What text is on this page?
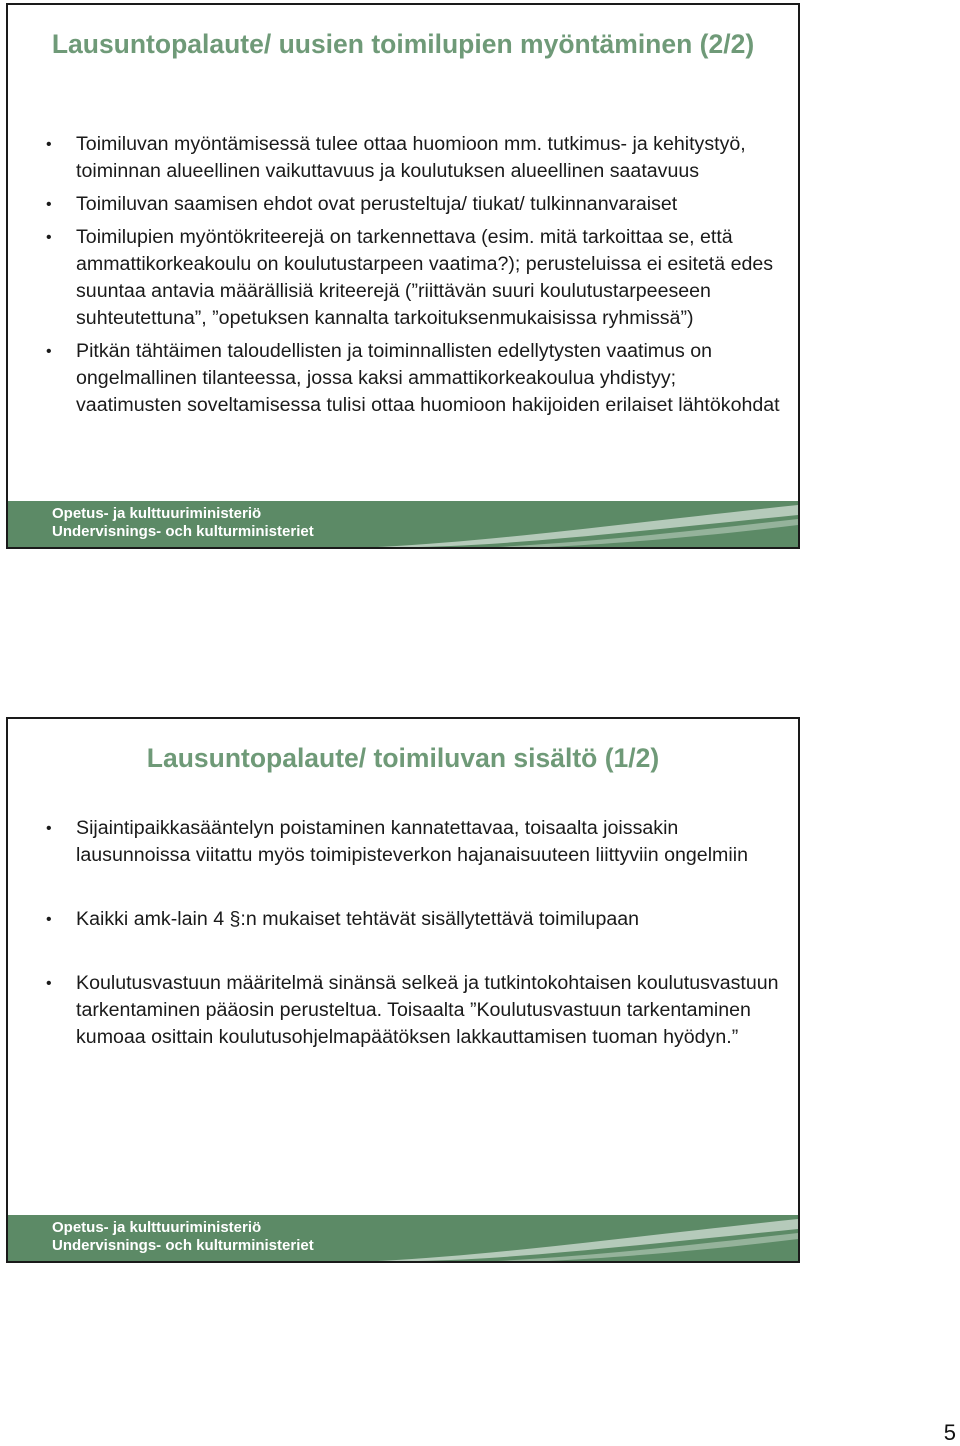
Lausuntopalaute/ uusien toimilupien myöntäminen (2/2)
•	Toimiluvan myöntämisessä tulee ottaa huomioon mm. tutkimus- ja kehitystyö, toiminnan alueellinen vaikuttavuus ja koulutuksen alueellinen saatavuus
•	Toimiluvan saamisen ehdot ovat perusteltuja/ tiukat/ tulkinnanvaraiset
•	Toimilupien myöntökriteerejä on tarkennettava (esim. mitä tarkoittaa se, että ammattikorkeakoulu on koulutustarpeen vaatima?); perusteluissa ei esitetä edes suuntaa antavia määrällisiä kriteerejä (”riittävän suuri koulutustarpeeseen suhteutettuna”, ”opetuksen kannalta tarkoituksenmukaisissa ryhmissä”)
•	Pitkän tähtäimen taloudellisten ja toiminnallisten edellytysten vaatimus on ongelmallinen tilanteessa, jossa kaksi ammattikorkeakoulua yhdistyy; vaatimusten soveltamisessa tulisi ottaa huomioon hakijoiden erilaiset lähtökohdat
Opetus- ja kulttuuriministeriö
Undervisnings- och kulturministeriet
Lausuntopalaute/ toimiluvan sisältö (1/2)
•	Sijaintipaikkasääntelyn poistaminen kannatettavaa, toisaalta joissakin lausunnoissa viitattu myös toimipisteverkon hajanaisuuteen liittyviin ongelmiin
•	Kaikki amk-lain 4 §:n mukaiset tehtävät sisällytettävä toimilupaan
•	Koulutusvastuun määritelmä sinänsä selkeä ja tutkintokohtaisen koulutusvastuun tarkentaminen pääosin perusteltua. Toisaalta ”Koulutusvastuun tarkentaminen kumoaa osittain koulutusohjelmapäätöksen lakkauttamisen tuoman hyödyn.”
Opetus- ja kulttuuriministeriö
Undervisnings- och kulturministeriet
5
